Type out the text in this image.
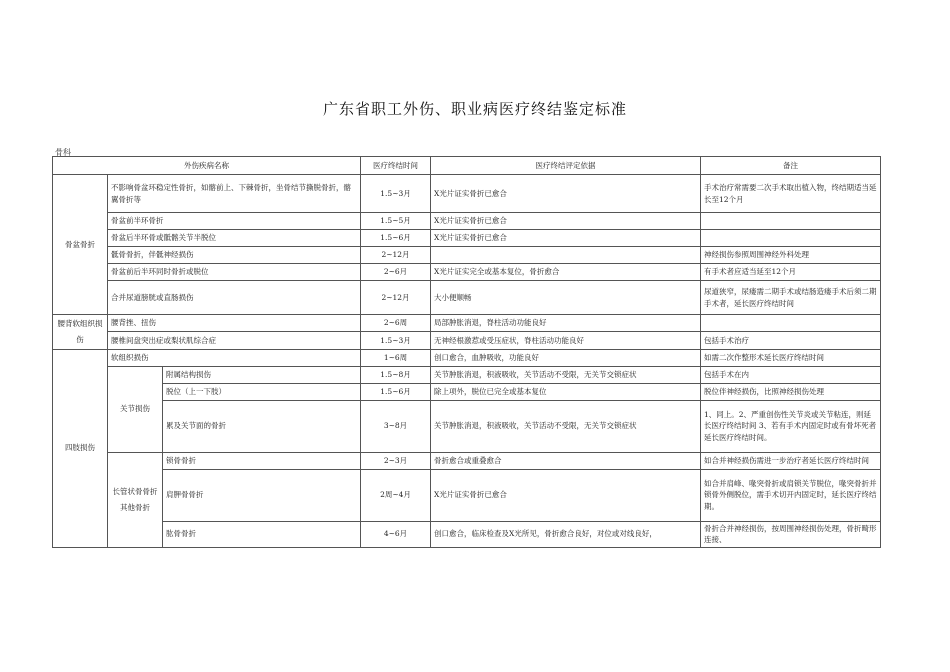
广东省职工外伤、职业病医疗终结鉴定标准
骨科
外伤疾病名称			医疗终结时间	医疗终结评定依据	备注
骨盆骨折	不影响骨盆环稳定性骨折，如髂前上、下棘骨折，坐骨结节撕脱骨折，髂翼骨折等		1.5~3月	X光片证实骨折已愈合	手术治疗常需要二次手术取出植入物，终结期适当延长至12个月
	骨盆前半环骨折		1.5~5月	X光片证实骨折已愈合	
	骨盆后半环骨或骶髂关节半脱位		1.5~6月	X光片证实骨折已愈合	
	骶骨骨折，伴骶神经损伤		2~12月		神经损伤参照周围神经外科处理
	骨盆前后半环同时骨折或脱位		2~6月	X光片证实完全或基本复位，骨折愈合	有手术者应适当延至12个月
	合并尿道膀胱或直肠损伤		2~12月	大小便顺畅	尿道狭窄，尿瘘需二期手术或结肠造瘘手术后须二期手术者，延长医疗终结时间
腰背软组织损伤	腰背挫、扭伤		2~6周	局部肿胀消退，脊柱活动功能良好	
	腰椎间盘突出症或梨状肌综合症		1.5~3月	无神经根激惹或受压症状，脊柱活动功能良好	包括手术治疗
四肢损伤	软组织损伤		1~6周	创口愈合，血肿吸收，功能良好	如需二次作整形术延长医疗终结时间
	关节损伤	附属结构损伤	1.5~8月	关节肿胀消退，积液吸收，关节活动不受限，无关节交锁症状	包括手术在内
		脱位（上一下肢）	1.5~6月	除上项外，脱位已完全或基本复位	脱位伴神经损伤，比照神经损伤处理
		累及关节面的骨折	3~8月	关节肿胀消退，积液吸收，关节活动不受限，无关节交锁症状	1、同上。2、严重创伤性关节炎或关节粘连，则延长医疗终结时间 3、若有手术内固定时或有骨坏死者延长医疗终结时间。
	长管状骨骨折其他骨折	锁骨骨折	2~3月	骨折愈合或重叠愈合	如合并神经损伤需进一步治疗者延长医疗终结时间
		肩胛骨骨折	2周~4月	X光片证实骨折已愈合	如合并肩峰、喙突骨折或肩锁关节脱位，喙突骨折并锁骨外侧脱位，需手术切开内固定时，延长医疗终结期。
		肱骨骨折	4~6月	创口愈合，临床检查及X光所见，骨折愈合良好，对位或对线良好，	骨折合并神经损伤，按周围神经损伤处理，骨折畸形连接、
